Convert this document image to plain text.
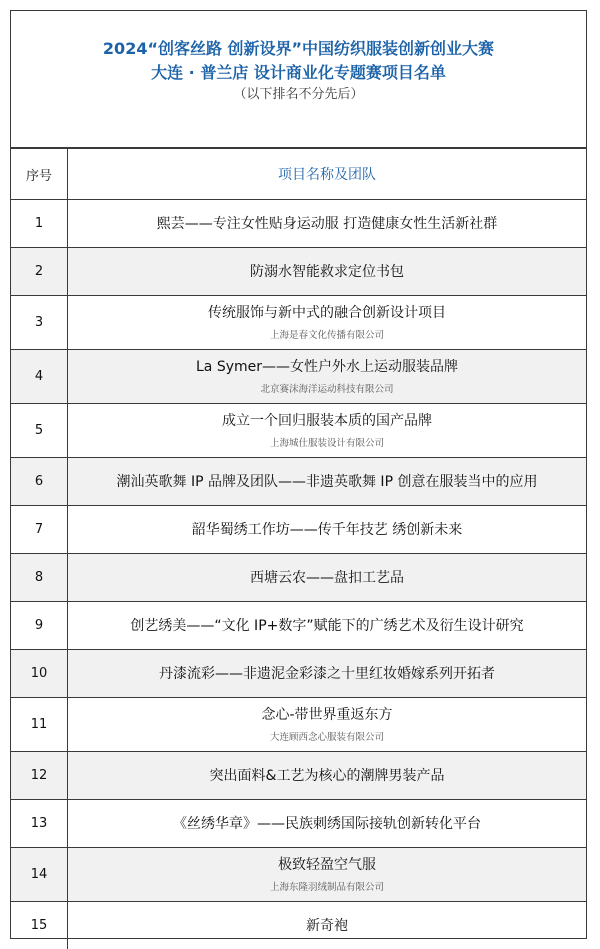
2024“创客丝路 创新设界”中国纺织服装创新创业大赛
大连 · 普兰店 设计商业化专题赛项目名单
（以下排名不分先后）
序号	项目名称及团队
1	熙芸——专注女性贴身运动服 打造健康女性生活新社群

2	防溺水智能救求定位书包

3	传统服饰与新中式的融合创新设计项目
上海是春文化传播有限公司

4	La Symer——女性户外水上运动服装品牌
北京赛沫海洋运动科技有限公司

5	成立一个回归服装本质的国产品牌
上海城仕服装设计有限公司

6	潮汕英歌舞 IP 品牌及团队——非遗英歌舞 IP 创意在服装当中的应用

7	韶华蜀绣工作坊——传千年技艺 绣创新未来

8	西塘云农——盘扣工艺品

9	创艺绣美——“文化 IP+数字”赋能下的广绣艺术及衍生设计研究

10	丹漆流彩——非遗泥金彩漆之十里红妆婚嫁系列开拓者

11	念心-带世界重返东方
大连顾西念心服装有限公司

12	突出面料&工艺为核心的潮牌男装产品

13	《丝绣华章》——民族刺绣国际接轨创新转化平台

14	极致轻盈空气服
上海东隆羽绒制品有限公司

15	新奇袍
